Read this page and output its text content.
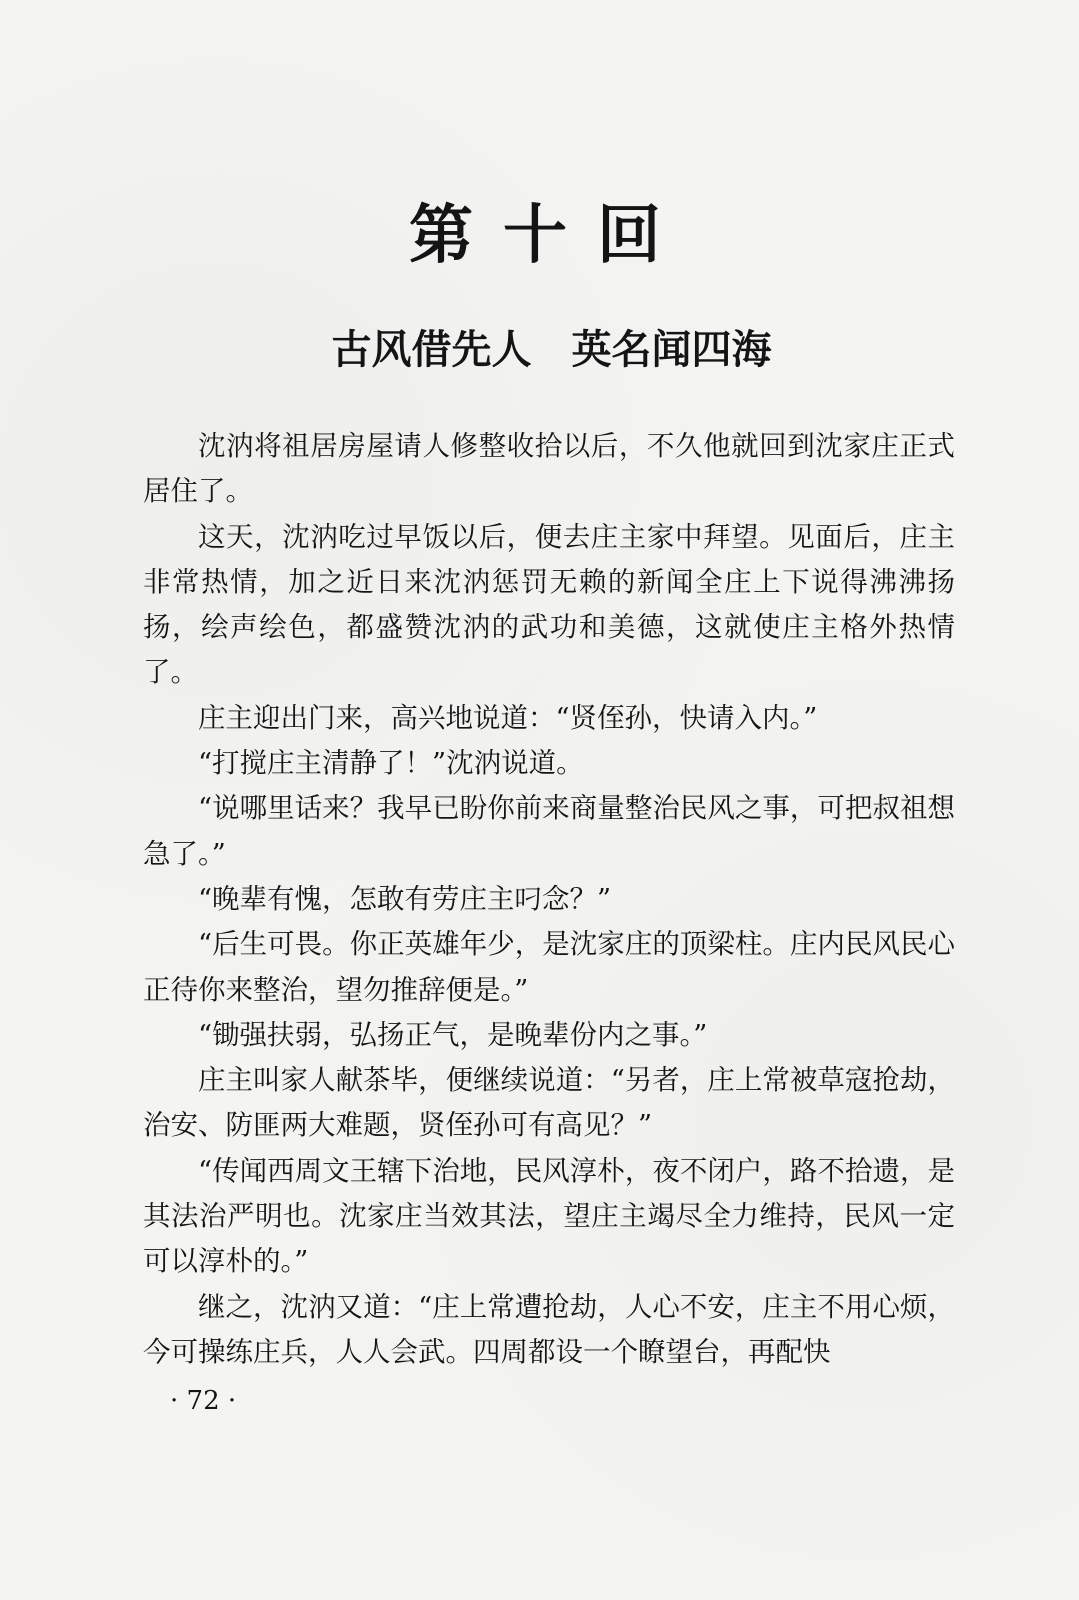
第十回
古风借先人　英名闻四海

沈汭将祖居房屋请人修整收拾以后，不久他就回到沈家庄正式居住了。

这天，沈汭吃过早饭以后，便去庄主家中拜望。见面后，庄主非常热情，加之近日来沈汭惩罚无赖的新闻全庄上下说得沸沸扬扬，绘声绘色，都盛赞沈汭的武功和美德，这就使庄主格外热情了。

庄主迎出门来，高兴地说道：“贤侄孙，快请入内。”

“打搅庄主清静了！”沈汭说道。

“说哪里话来？我早已盼你前来商量整治民风之事，可把叔祖想急了。”

“晚辈有愧，怎敢有劳庄主叼念？”

“后生可畏。你正英雄年少，是沈家庄的顶梁柱。庄内民风民心正待你来整治，望勿推辞便是。”

“锄强扶弱，弘扬正气，是晚辈份内之事。”

庄主叫家人献茶毕，便继续说道：“另者，庄上常被草寇抢劫，治安、防匪两大难题，贤侄孙可有高见？”

“传闻西周文王辖下治地，民风淳朴，夜不闭户，路不拾遗，是其法治严明也。沈家庄当效其法，望庄主竭尽全力维持，民风一定可以淳朴的。”

继之，沈汭又道：“庄上常遭抢劫，人心不安，庄主不用心烦，今可操练庄兵，人人会武。四周都设一个瞭望台，再配快

· 72 ·
